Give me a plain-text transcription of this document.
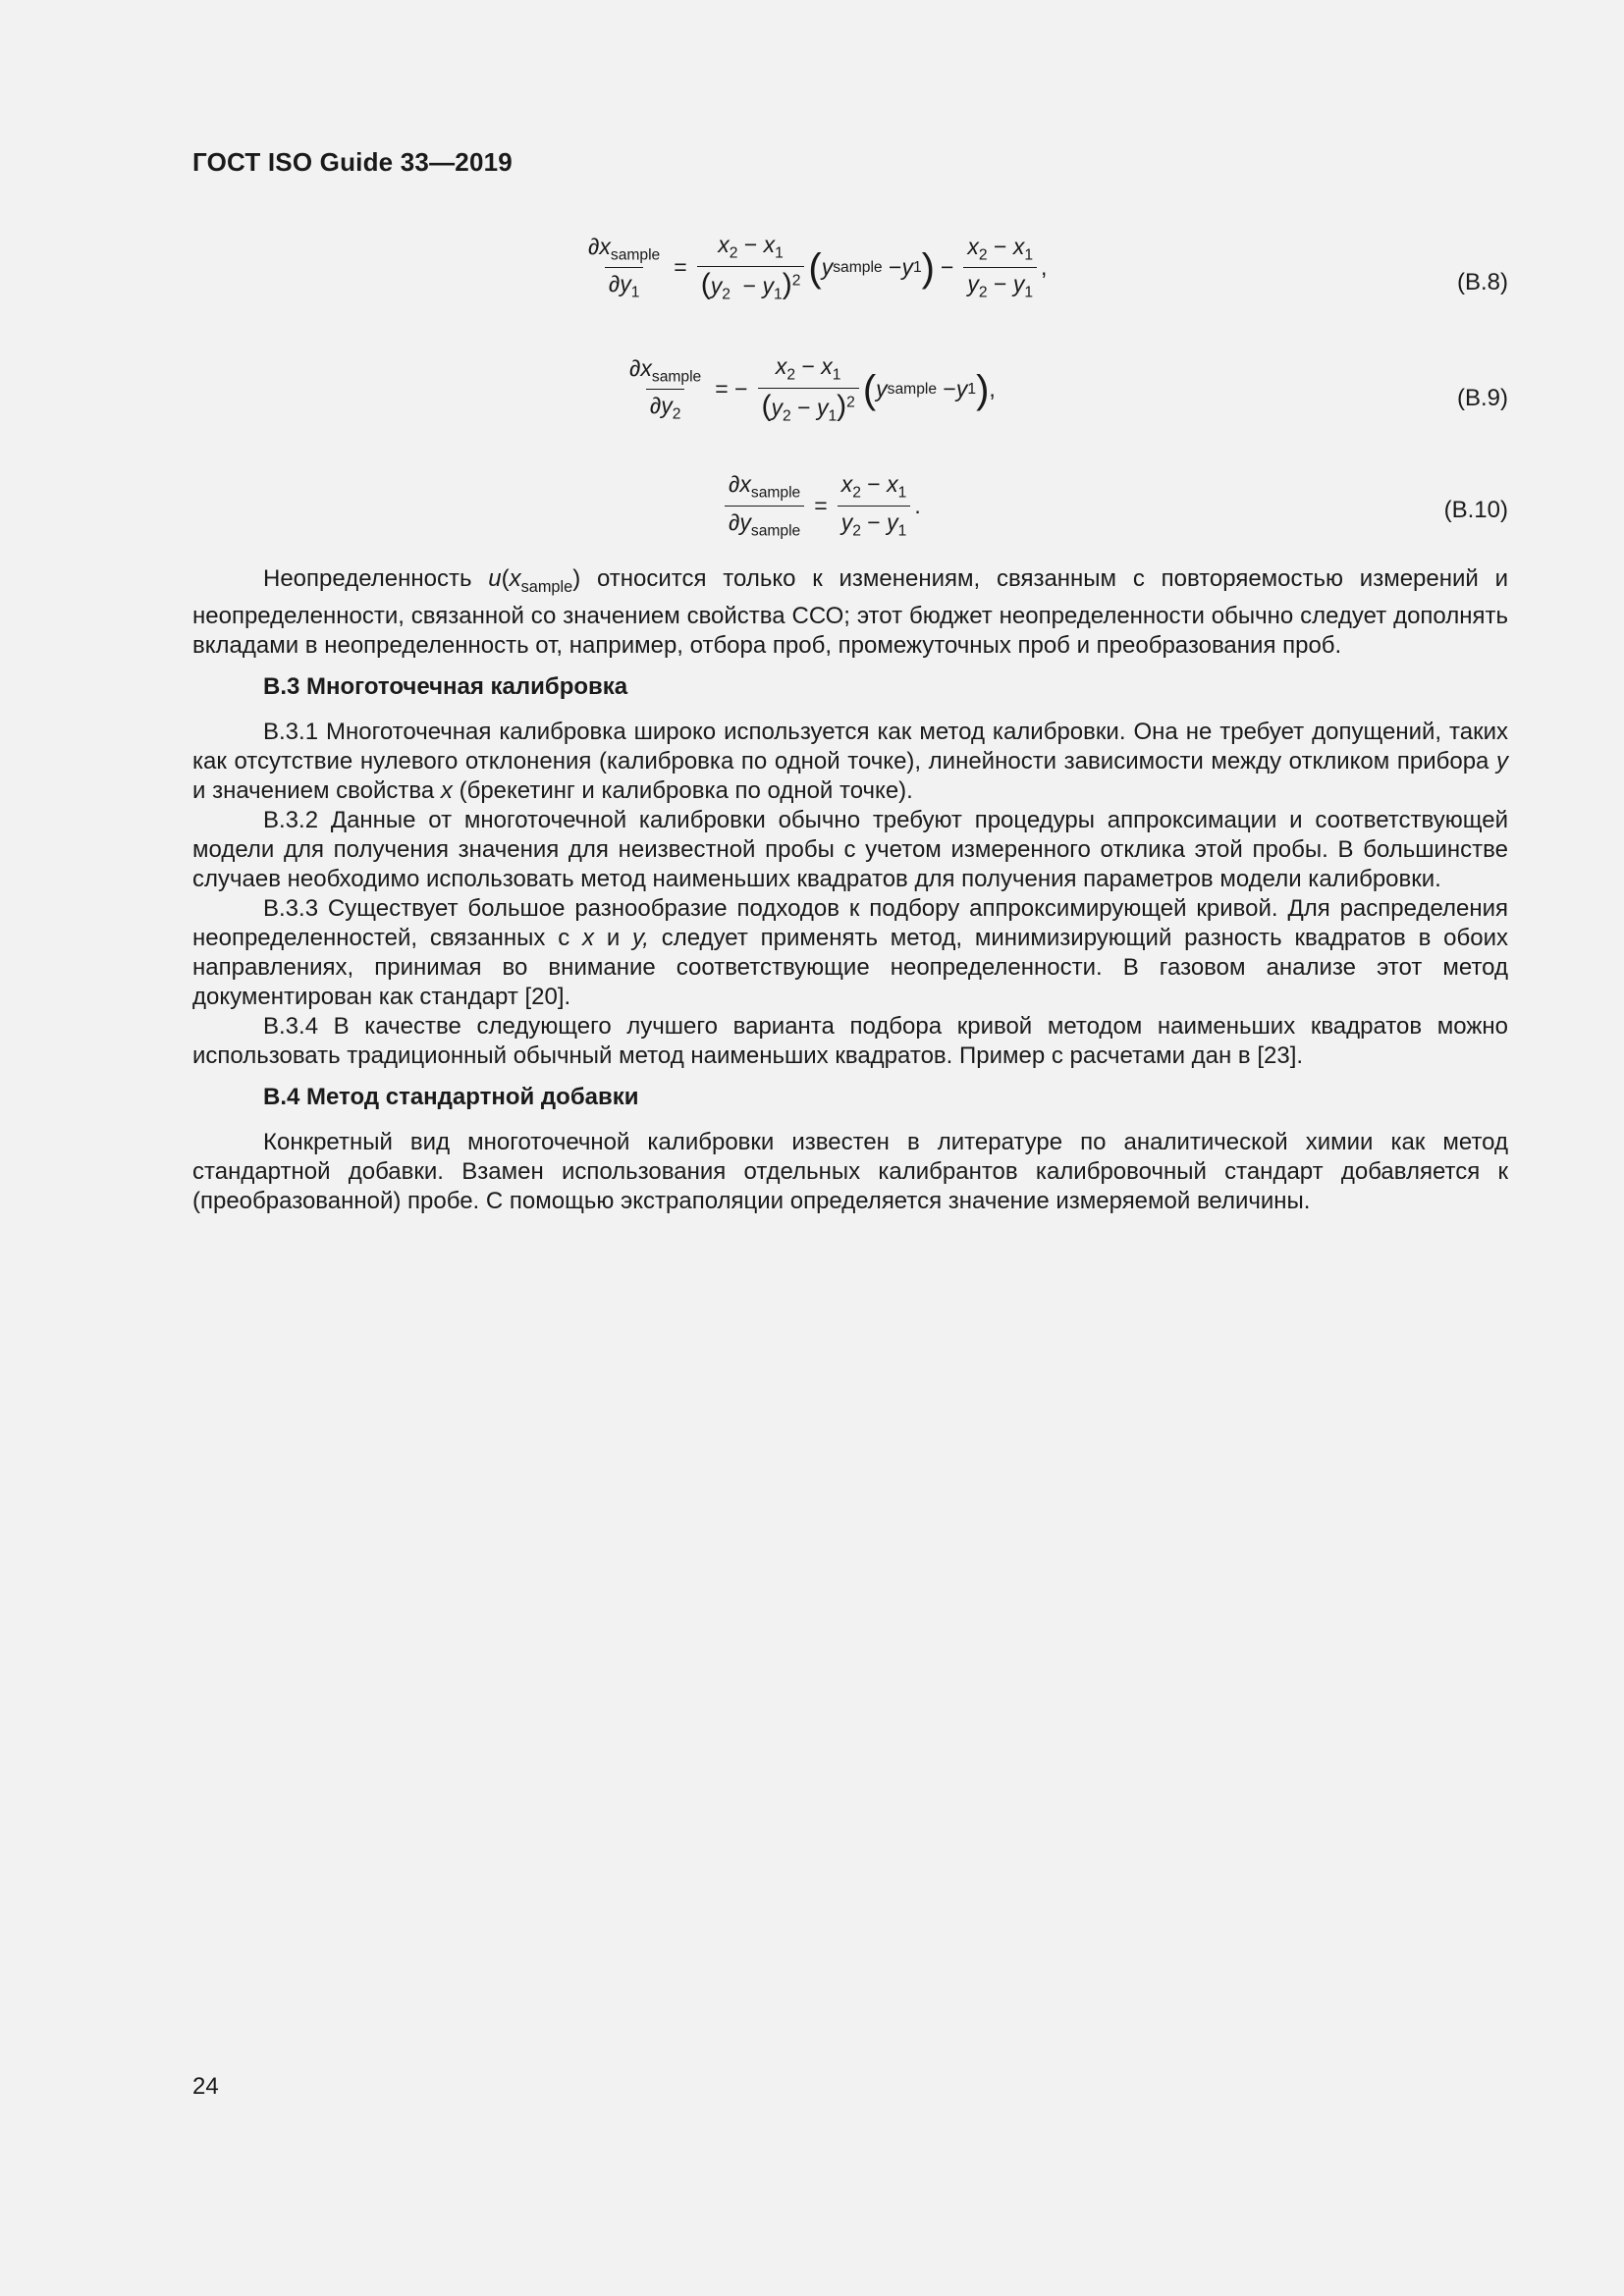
ГОСТ ISO Guide 33—2019
$\frac{\partial x_{sample}}{\partial y_1} = \frac{x_2 - x_1}{(y_2 - y_1)^2}$ ( y sample − y 1 ) − $\frac{x_2 - x_1}{y_2 - y_1}$ ,
(B.8)
$\frac{\partial x_{sample}}{\partial y_2}$ = − $\frac{x_2 - x_1}{(y_2 - y_1)^2}$ ( y sample − y 1 ) ,	(B.9)
$\frac{\partial x_{sample}}{\partial y_{sample}} = \frac{x_2 - x_1}{y_2 - y_1}$ .	(B.10)

Неопределенность $u(x_{sample})$ относится только к изменениям, связанным с повторяемостью измерений и неопределенности, связанной со значением свойства ССО; этот бюджет неопределенности обычно следует дополнять вкладами в неопределенность от, например, отбора проб, промежуточных проб и преобразования проб.

B.3 Многоточечная калибровка

B.3.1 Многоточечная калибровка широко используется как метод калибровки. Она не требует допущений, таких как отсутствие нулевого отклонения (калибровка по одной точке), линейности зависимости между откликом прибора y и значением свойства x (брекетинг и калибровка по одной точке).

B.3.2 Данные от многоточечной калибровки обычно требуют процедуры аппроксимации и соответствующей модели для получения значения для неизвестной пробы с учетом измеренного отклика этой пробы. В большинстве случаев необходимо использовать метод наименьших квадратов для получения параметров модели калибровки.

B.3.3 Существует большое разнообразие подходов к подбору аппроксимирующей кривой. Для распределения неопределенностей, связанных с x и y, следует применять метод, минимизирующий разность квадратов в обоих направлениях, принимая во внимание соответствующие неопределенности. В газовом анализе этот метод документирован как стандарт [20].

B.3.4 В качестве следующего лучшего варианта подбора кривой методом наименьших квадратов можно использовать традиционный обычный метод наименьших квадратов. Пример с расчетами дан в [23].

B.4 Метод стандартной добавки

Конкретный вид многоточечной калибровки известен в литературе по аналитической химии как метод стандартной добавки. Взамен использования отдельных калибрантов калибровочный стандарт добавляется к (преобразованной) пробе. С помощью экстраполяции определяется значение измеряемой величины.

24
